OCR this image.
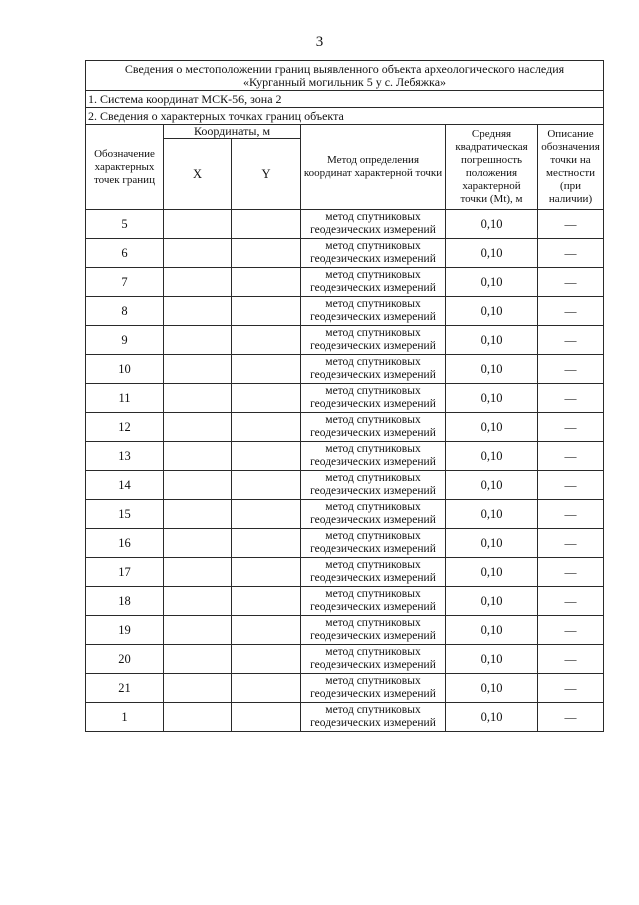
3
Сведения о местоположении границ выявленного объекта археологического наследия
«Курганный могильник 5 у с. Лебяжка»					

1. Система координат МСК-56, зона 2					
2. Сведения о характерных точках границ объекта					
Обозначение характерных точек границ	Координаты, м		Метод определения координат характерной точки	Средняя квадратическая погрешность положения характерной точки (Mt), м	Описание обозначения точки на местности (при наличии)
	X	Y			
5			метод спутниковых
геодезических измерений	0,10	—
6			метод спутниковых
геодезических измерений	0,10	—
7			метод спутниковых
геодезических измерений	0,10	—
8			метод спутниковых
геодезических измерений	0,10	—
9			метод спутниковых
геодезических измерений	0,10	—
10			метод спутниковых
геодезических измерений	0,10	—
11			метод спутниковых
геодезических измерений	0,10	—
12			метод спутниковых
геодезических измерений	0,10	—
13			метод спутниковых
геодезических измерений	0,10	—
14			метод спутниковых
геодезических измерений	0,10	—
15			метод спутниковых
геодезических измерений	0,10	—
16			метод спутниковых
геодезических измерений	0,10	—
17			метод спутниковых
геодезических измерений	0,10	—
18			метод спутниковых
геодезических измерений	0,10	—
19			метод спутниковых
геодезических измерений	0,10	—
20			метод спутниковых
геодезических измерений	0,10	—
21			метод спутниковых
геодезических измерений	0,10	—
1			метод спутниковых
геодезических измерений	0,10	—
